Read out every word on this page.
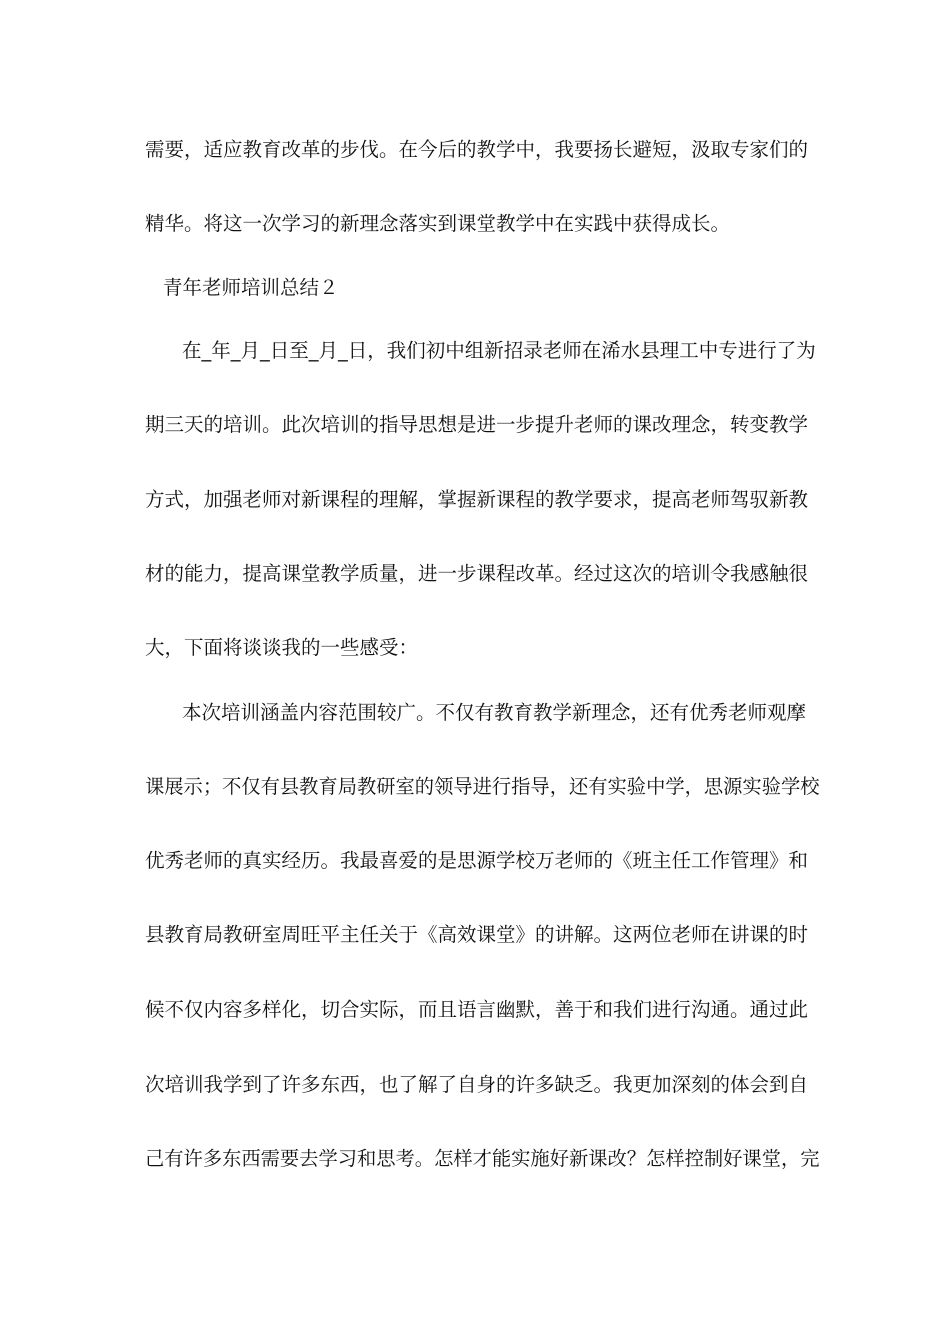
需要，适应教育改革的步伐。在今后的教学中，我要扬长避短，汲取专家们的
精华。将这一次学习的新理念落实到课堂教学中在实践中获得成长。
青年老师培训总结２
在_年_月_日至_月_日，我们初中组新招录老师在浠水县理工中专进行了为
期三天的培训。此次培训的指导思想是进一步提升老师的课改理念，转变教学
方式，加强老师对新课程的理解，掌握新课程的教学要求，提高老师驾驭新教
材的能力，提高课堂教学质量，进一步课程改革。经过这次的培训令我感触很
大，下面将谈谈我的一些感受：
本次培训涵盖内容范围较广。不仅有教育教学新理念，还有优秀老师观摩
课展示；不仅有县教育局教研室的领导进行指导，还有实验中学，思源实验学校
优秀老师的真实经历。我最喜爱的是思源学校万老师的《班主任工作管理》和
县教育局教研室周旺平主任关于《高效课堂》的讲解。这两位老师在讲课的时
候不仅内容多样化，切合实际，而且语言幽默，善于和我们进行沟通。通过此
次培训我学到了许多东西，也了解了自身的许多缺乏。我更加深刻的体会到自
己有许多东西需要去学习和思考。怎样才能实施好新课改？怎样控制好课堂，完
